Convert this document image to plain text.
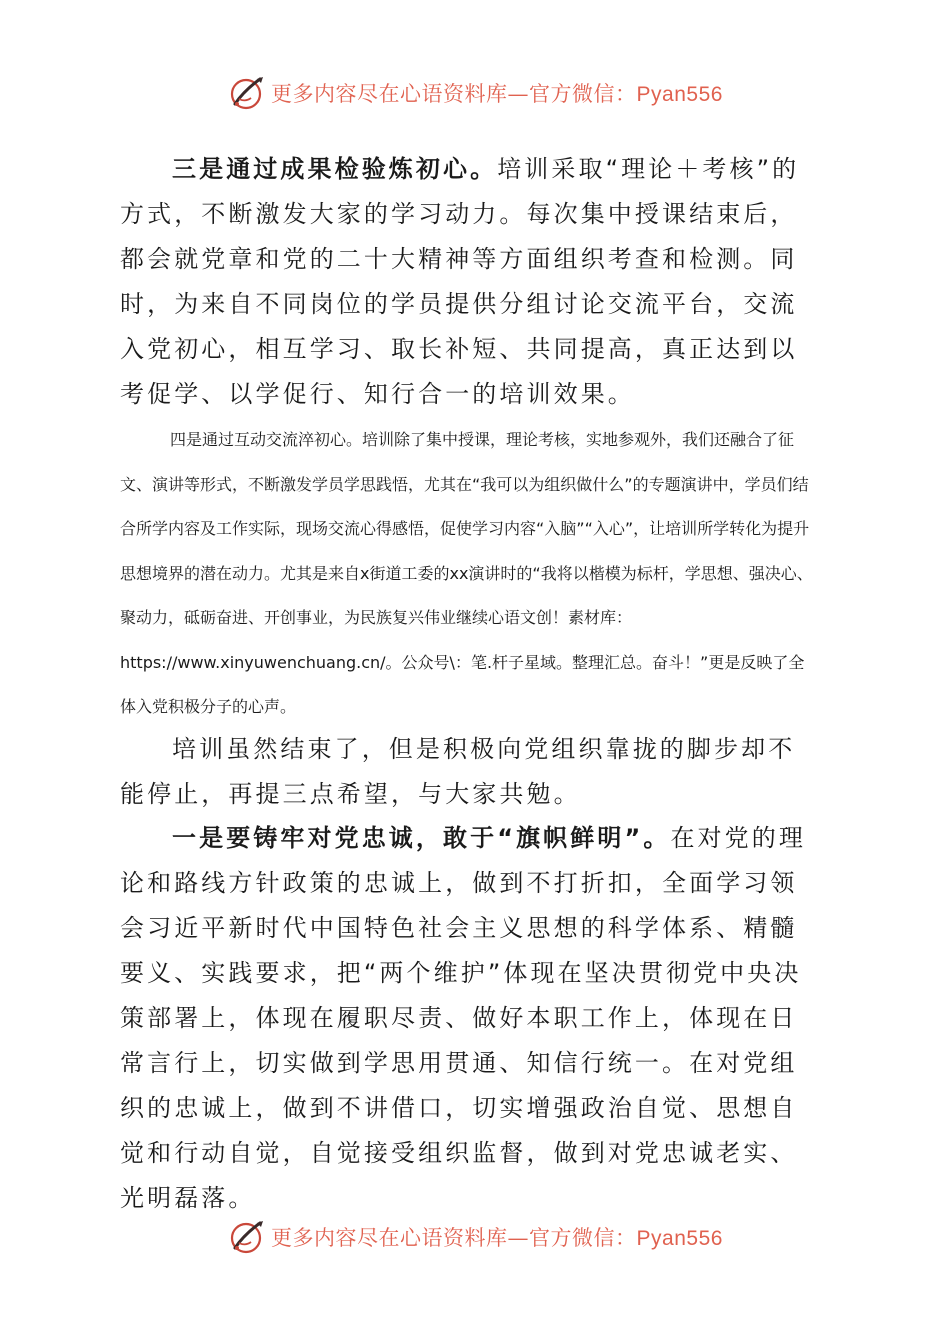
更多内容尽在心语资料库—官方微信：Pyan556

三是通过成果检验炼初心。培训采取“理论＋考核”的方式，不断激发大家的学习动力。每次集中授课结束后，都会就党章和党的二十大精神等方面组织考查和检测。同时，为来自不同岗位的学员提供分组讨论交流平台，交流入党初心，相互学习、取长补短、共同提高，真正达到以考促学、以学促行、知行合一的培训效果。

四是通过互动交流淬初心。培训除了集中授课，理论考核，实地参观外，我们还融合了征文、演讲等形式，不断激发学员学思践悟，尤其在“我可以为组织做什么”的专题演讲中，学员们结合所学内容及工作实际，现场交流心得感悟，促使学习内容“入脑”“入心”，让培训所学转化为提升思想境界的潜在动力。尤其是来自x街道工委的xx演讲时的“我将以楷模为标杆，学思想、强决心、聚动力，砥砺奋进、开创事业，为民族复兴伟业继续心语文创！素材库：https://www.xinyuwenchuang.cn/。公众号\：笔.杆子星域。整理汇总。奋斗！”更是反映了全体入党积极分子的心声。

培训虽然结束了，但是积极向党组织靠拢的脚步却不能停止，再提三点希望，与大家共勉。

一是要铸牢对党忠诚，敢于“旗帜鲜明”。在对党的理论和路线方针政策的忠诚上，做到不打折扣，全面学习领会习近平新时代中国特色社会主义思想的科学体系、精髓要义、实践要求，把“两个维护”体现在坚决贯彻党中央决策部署上，体现在履职尽责、做好本职工作上，体现在日常言行上，切实做到学思用贯通、知信行统一。在对党组织的忠诚上，做到不讲借口，切实增强政治自觉、思想自觉和行动自觉，自觉接受组织监督，做到对党忠诚老实、光明磊落。

更多内容尽在心语资料库—官方微信：Pyan556
